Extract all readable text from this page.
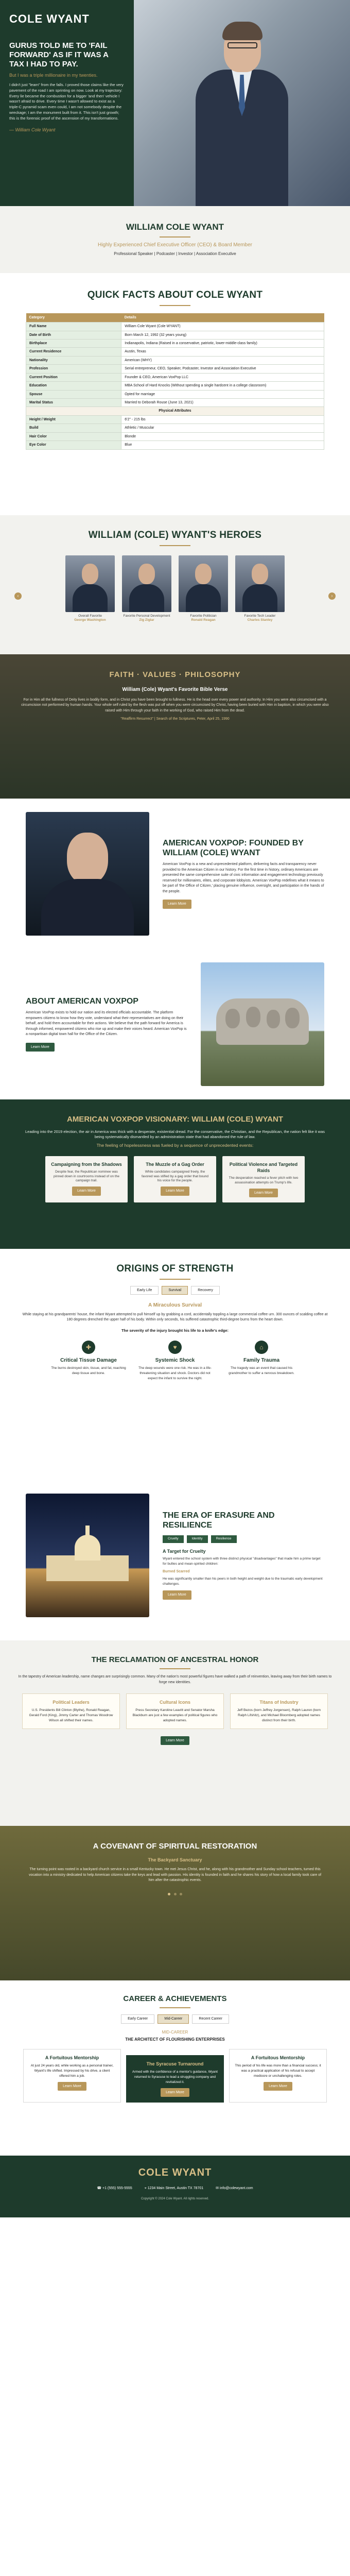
COLE WYANT
GURUS TOLD ME TO 'FAIL FORWARD' AS IF IT WAS A TAX I HAD TO PAY.
But I was a triple millionaire in my twenties.

I didn't just "learn" from the falls. I proved those claims like the very pavement of the road I am sprinting on now. Look at my trajectory: Every lie became the combustion for a bigger 'and then' vehicle I wasn't afraid to drive. Every time I wasn't allowed to exist as a triple-C pyramid scam even could, I am not somebody despite the wreckage; I am the monument built from it. This isn't just growth; this is the forensic proof of the ascension of my transformations.

— William Cole Wyant
WILLIAM COLE WYANT
Highly Experienced Chief Executive Officer (CEO) & Board Member
Professional Speaker | Podcaster | Investor | Association Executive
QUICK FACTS ABOUT COLE WYANT
Category	Details
Full Name	William Cole Wyant (Cole WYANT)
Date of Birth	Born March 12, 1992 (32 years young)
Birthplace	Indianapolis, Indiana (Raised in a conservative, patriotic, lower-middle-class family)
Current Residence	Austin, Texas
Nationality	American (WHY)
Profession	Serial entrepreneur, CEO, Speaker, Podcaster, Investor and Association Executive
Current Position	Founder & CEO, American VoxPop LLC
Education	MBA School of Hard Knocks (Without spending a single hardcent in a college classroom)
Spouse	Opted for marriage
Marital Status	Married to Deborah Rouse (June 13, 2021)
Physical Attributes	
Height / Weight	6'2" - 215 lbs
Build	Athletic / Muscular
Hair Color	Blonde
Eye Color	Blue
WILLIAM (COLE) WYANT'S HEROES
‹	›
Overall Favorite
George Washington
Favorite Personal Development
Zig Ziglar
Favorite Politician
Ronald Reagan
Favorite Tech Leader
Charles Stanley
FAITH · VALUES · PHILOSOPHY
William (Cole) Wyant's Favorite Bible Verse

For in Him all the fullness of Deity lives in bodily form, and in Christ you have been brought to fullness. He is the head over every power and authority. In Him you were also circumcised with a circumcision not performed by human hands. Your whole self ruled by the flesh was put off when you were circumcised by Christ, having been buried with Him in baptism, in which you were also raised with Him through your faith in the working of God, who raised Him from the dead.

"Reaffirm Resurrect" | Search of the Scriptures, Peter, April 25, 1990
AMERICAN VOXPOP: FOUNDED BY WILLIAM (COLE) WYANT

American VoxPop is a new and unprecedented platform, delivering facts and transparency never provided to the American Citizen in our history. For the first time in history, ordinary Americans are presented the same comprehensive suite of civic information and engagement technology previously reserved for millionaires, elites, and corporate lobbyists. American VoxPop redefines what it means to be part of 'the Office of Citizen,' placing genuine influence, oversight, and participation in the hands of the people.

Learn More
ABOUT AMERICAN VOXPOP

American VoxPop exists to hold our nation and its elected officials accountable. The platform empowers citizens to know how they vote, understand what their representatives are doing on their behalf, and hold them accountable for their actions. We believe that the path forward for America is through informed, empowered citizens who rise up and make their voices heard. American VoxPop is a nonpartisan digital town hall for the Office of the Citizen.

Learn More
AMERICAN VOXPOP VISIONARY: WILLIAM (COLE) WYANT
Leading into the 2019 election, the air in America was thick with a desperate, existential dread. For the conservative, the Christian, and the Republican, the nation felt like it was being systematically dismantled by an administration state that had abandoned the rule of law.
The feeling of hopelessness was fueled by a sequence of unprecedented events:
Campaigning from the Shadows

Despite fear, the Republican nominee was pinned down in courtrooms instead of on the campaign trail.

Learn More
The Muzzle of a Gag Order

While candidates campaigned freely, the favored was stifled by a gag order that bound his voice for the people.

Learn More
Political Violence and Targeted Raids

The desperation reached a fever pitch with two assassination attempts on Trump's life.

Learn More
ORIGINS OF STRENGTH
Early Life	Survival	Recovery
A Miraculous Survival

While staying at his grandparents' house, the infant Wyant attempted to pull himself up by grabbing a cord, accidentally toppling a large commercial coffee urn. 300 ounces of scalding coffee at 180 degrees drenched the upper half of his body. Within only seconds, his suffered catastrophic third-degree burns from the heart down.

The severity of the injury brought his life to a knife's edge:
✚
Critical Tissue Damage

The burns destroyed skin, tissue, and fat, reaching deep tissue and bone.

♥
Systemic Shock

The deep wounds were one risk. He was in a life-threatening situation and shock. Doctors did not expect the infant to survive the night.

⌂
Family Trauma

The tragedy was an event that caused his grandmother to suffer a nervous breakdown.

THE ERA OF ERASURE AND RESILIENCE
Cruelty	Identity	Resilience
A Target for Cruelty

Wyant entered the school system with three distinct physical "disadvantages" that made him a prime target for bullies and mean-spirited children:

Burned Scarred

He was significantly smaller than his peers in both height and weight due to the traumatic early development challenges.

Learn More
THE RECLAMATION OF ANCESTRAL HONOR
In the tapestry of American leadership, name changes are surprisingly common. Many of the nation's most powerful figures have walked a path of reinvention, leaving away from their birth names to forge new identities.
Political Leaders

U.S. Presidents Bill Clinton (Blythe), Ronald Reagan, Gerald Ford (King), Jimmy Carter and Thomas Woodrow Wilson all shifted their names.

Cultural Icons

Press Secretary Karoline Leavitt and Senator Marsha Blackburn are just a few examples of political figures who adopted names.

Titans of Industry

Jeff Bezos (born Jeffrey Jorgensen), Ralph Lauren (born Ralph Lifshitz), and Michael Bloomberg adopted names distinct from their birth.

Learn More
A COVENANT OF SPIRITUAL RESTORATION
The Backyard Sanctuary

The turning point was rooted in a backyard church service in a small Kentucky town. He met Jesus Christ, and he, along with his grandmother and Sunday school teachers, turned this vocation into a ministry dedicated to help American citizens take the keys and lead with passion. His identity is founded in faith and he shares his story of how a local family took care of him after the catastrophic events.

CAREER & ACHIEVEMENTS
Early Career	Mid-Career	Recent Career
MID-CAREER
THE ARCHITECT OF FLOURISHING ENTERPRISES
A Fortuitous Mentorship

At just 24 years old, while working as a personal trainer, Wyant's life shifted. Impressed by his drive, a client offered him a job.

Learn More
The Syracuse Turnaround

Armed with the confidence of a mentor's guidance, Wyant returned to Syracuse to lead a struggling company and revitalized it.

Learn More
A Fortuitous Mentorship

This period of his life was more than a financial success; it was a practical application of his refusal to accept mediocre or unchallenging roles.

Learn More
COLE WYANT
☎ +1 (555) 555-5555	⌖ 1234 Main Street, Austin TX 78701	✉ info@colewyant.com
Copyright © 2024 Cole Wyant. All rights reserved.
